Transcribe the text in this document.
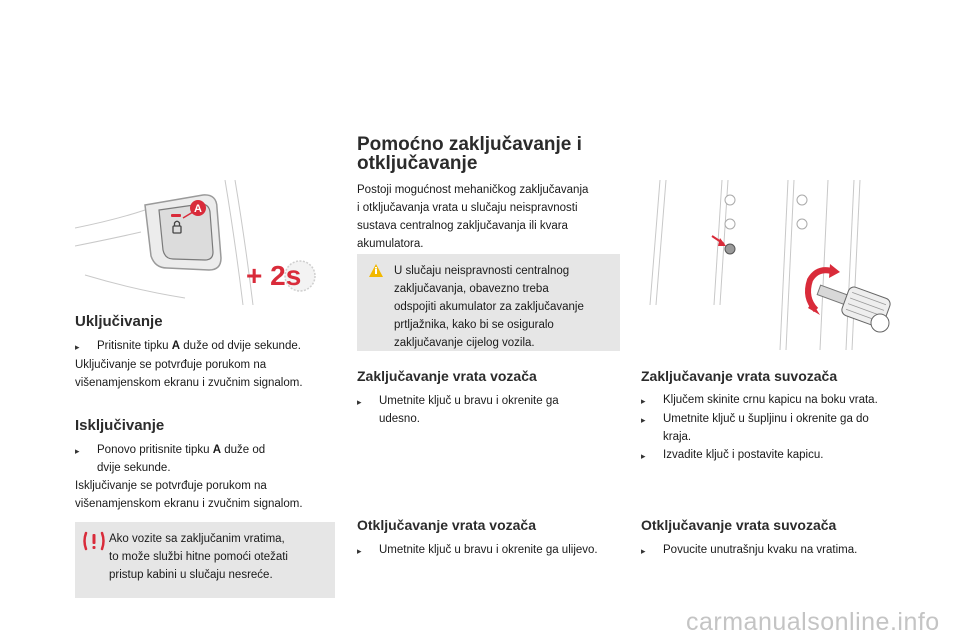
A
+ 2s
Uključivanje
▸	Pritisnite tipku A duže od dvije sekunde.
Uključivanje se potvrđuje porukom na
višenamjenskom ekranu i zvučnim signalom.
Isključivanje
▸	Ponovo pritisnite tipku A duže od
dvije sekunde.
Isključivanje se potvrđuje porukom na
višenamjenskom ekranu i zvučnim signalom.
Ako vozite sa zaključanim vratima,
to može službi hitne pomoći otežati
pristup kabini u slučaju nesreće.
Pomoćno zaključavanje i
otključavanje
Postoji mogućnost mehaničkog zaključavanja
i otključavanja vrata u slučaju neispravnosti
sustava centralnog zaključavanja ili kvara
akumulatora.
U slučaju neispravnosti centralnog
zaključavanja, obavezno treba
odspojiti akumulator za zaključavanje
prtljažnika, kako bi se osiguralo
zaključavanje cijelog vozila.
Zaključavanje vrata vozača
▸	Umetnite ključ u bravu i okrenite ga
udesno.
Otključavanje vrata vozača
▸	Umetnite ključ u bravu i okrenite ga ulijevo.
Zaključavanje vrata suvozača
▸	Ključem skinite crnu kapicu na boku vrata.
▸	Umetnite ključ u šupljinu i okrenite ga do
kraja.
▸	Izvadite ključ i postavite kapicu.
Otključavanje vrata suvozača
▸	Povucite unutrašnju kvaku na vratima.
carmanualsonline.info
